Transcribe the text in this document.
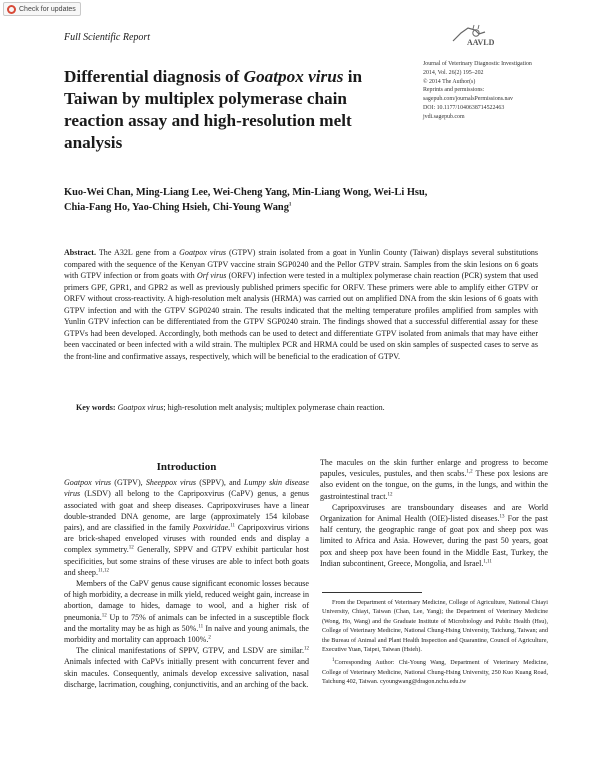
Check for updates
Full Scientific Report	AAVLD
Differential diagnosis of Goatpox virus in Taiwan by multiplex polymerase chain reaction assay and high-resolution melt analysis
Journal of Veterinary Diagnostic Investigation
2014, Vol. 26(2) 195–202
© 2014 The Author(s)
Reprints and permissions:
sagepub.com/journalsPermissions.nav
DOI: 10.1177/1040638714522463
jvdi.sagepub.com
Kuo-Wei Chan, Ming-Liang Lee, Wei-Cheng Yang, Min-Liang Wong, Wei-Li Hsu,
Chia-Fang Ho, Yao-Ching Hsieh, Chi-Young Wang$^1$
Abstract. The A32L gene from a Goatpox virus (GTPV) strain isolated from a goat in Yunlin County (Taiwan) displays several substitutions compared with the sequence of the Kenyan GTPV vaccine strain SGP0240 and the Pellor GTPV strain. Samples from the skin lesions on 6 goats with GTPV infection or from goats with Orf virus (ORFV) infection were tested in a multiplex polymerase chain reaction (PCR) system that used primers GPF, GPR1, and GPR2 as well as previously published primers specific for ORFV. These primers were able to amplify either GTPV or ORFV without cross-reactivity. A high-resolution melt analysis (HRMA) was carried out on amplified DNA from the skin lesions of 6 goats with GTPV infection and with the GTPV SGP0240 strain. The results indicated that the melting temperature profiles amplified from samples with Yunlin GTPV infection can be differentiated from the GTPV SGP0240 strain. The findings showed that a successful differential assay for these GTPVs had been developed. Accordingly, both methods can be used to detect and differentiate GTPV isolated from animals that may have either been vaccinated or been infected with a wild strain. The multiplex PCR and HRMA could be used on skin samples of suspected cases to serve as the front-line and confirmative assays, respectively, which will be beneficial to the eradication of GTPV.
Key words: Goatpox virus; high-resolution melt analysis; multiplex polymerase chain reaction.
Introduction

Goatpox virus (GTPV), Sheeppox virus (SPPV), and Lumpy skin disease virus (LSDV) all belong to the Capripoxvirus (CaPV) genus, a genus associated with goat and sheep diseases. Capripoxviruses have a linear double-stranded DNA genome, are large (approximately 154 kilobase pairs), and are classified in the family Poxviridae.$^{11}$ Capripoxvirus virions are brick-shaped enveloped viruses with rounded ends and display a complex symmetry.$^{12}$ Generally, SPPV and GTPV exhibit particular host specificities, but some strains of these viruses are able to infect both goats and sheep.$^{11,12}$

Members of the CaPV genus cause significant economic losses because of high morbidity, a decrease in milk yield, reduced weight gain, increase in abortion, damage to hides, damage to wool, and a higher risk of pneumonia.$^{12}$ Up to 75% of animals can be infected in a susceptible flock and the mortality may be as high as 50%.$^{11}$ In naïve and young animals, the morbidity and mortality can approach 100%.$^2$

The clinical manifestations of SPPV, GTPV, and LSDV are similar.$^{12}$ Animals infected with CaPVs initially present with concurrent fever and skin macules. Consequently, animals develop excessive salivation, nasal discharge, lacrimation, coughing, conjunctivitis, and an arching of the back.

The macules on the skin further enlarge and progress to become papules, vesicules, pustules, and then scabs.$^{1,2}$ These pox lesions are also evident on the tongue, on the gums, in the lungs, and within the gastrointestinal tract.$^{12}$

Capripoxviruses are transboundary diseases and are World Organization for Animal Health (OIE)-listed diseases.$^{13}$ For the past half century, the geographic range of goat pox and sheep pox was limited to Africa and Asia. However, during the past 50 years, goat pox and sheep pox have been found in the Middle East, Turkey, the Indian subcontinent, Greece, Mongolia, and Israel.$^{1,11}$

From the Department of Veterinary Medicine, College of Agriculture, National Chiayi University, Chiayi, Taiwan (Chan, Lee, Yang); the Department of Veterinary Medicine (Wong, Ho, Wang) and the Graduate Institute of Microbiology and Public Health (Hsu), College of Veterinary Medicine, National Chung-Hsing University, Taichung, Taiwan; and the Bureau of Animal and Plant Health Inspection and Quarantine, Council of Agriculture, Executive Yuan, Taipei, Taiwan (Hsieh).

$^1$Corresponding Author: Chi-Young Wang, Department of Veterinary Medicine, College of Veterinary Medicine, National Chung-Hsing University, 250 Kuo Kuang Road, Taichung 402, Taiwan. cyoungwang@dragon.nchu.edu.tw
